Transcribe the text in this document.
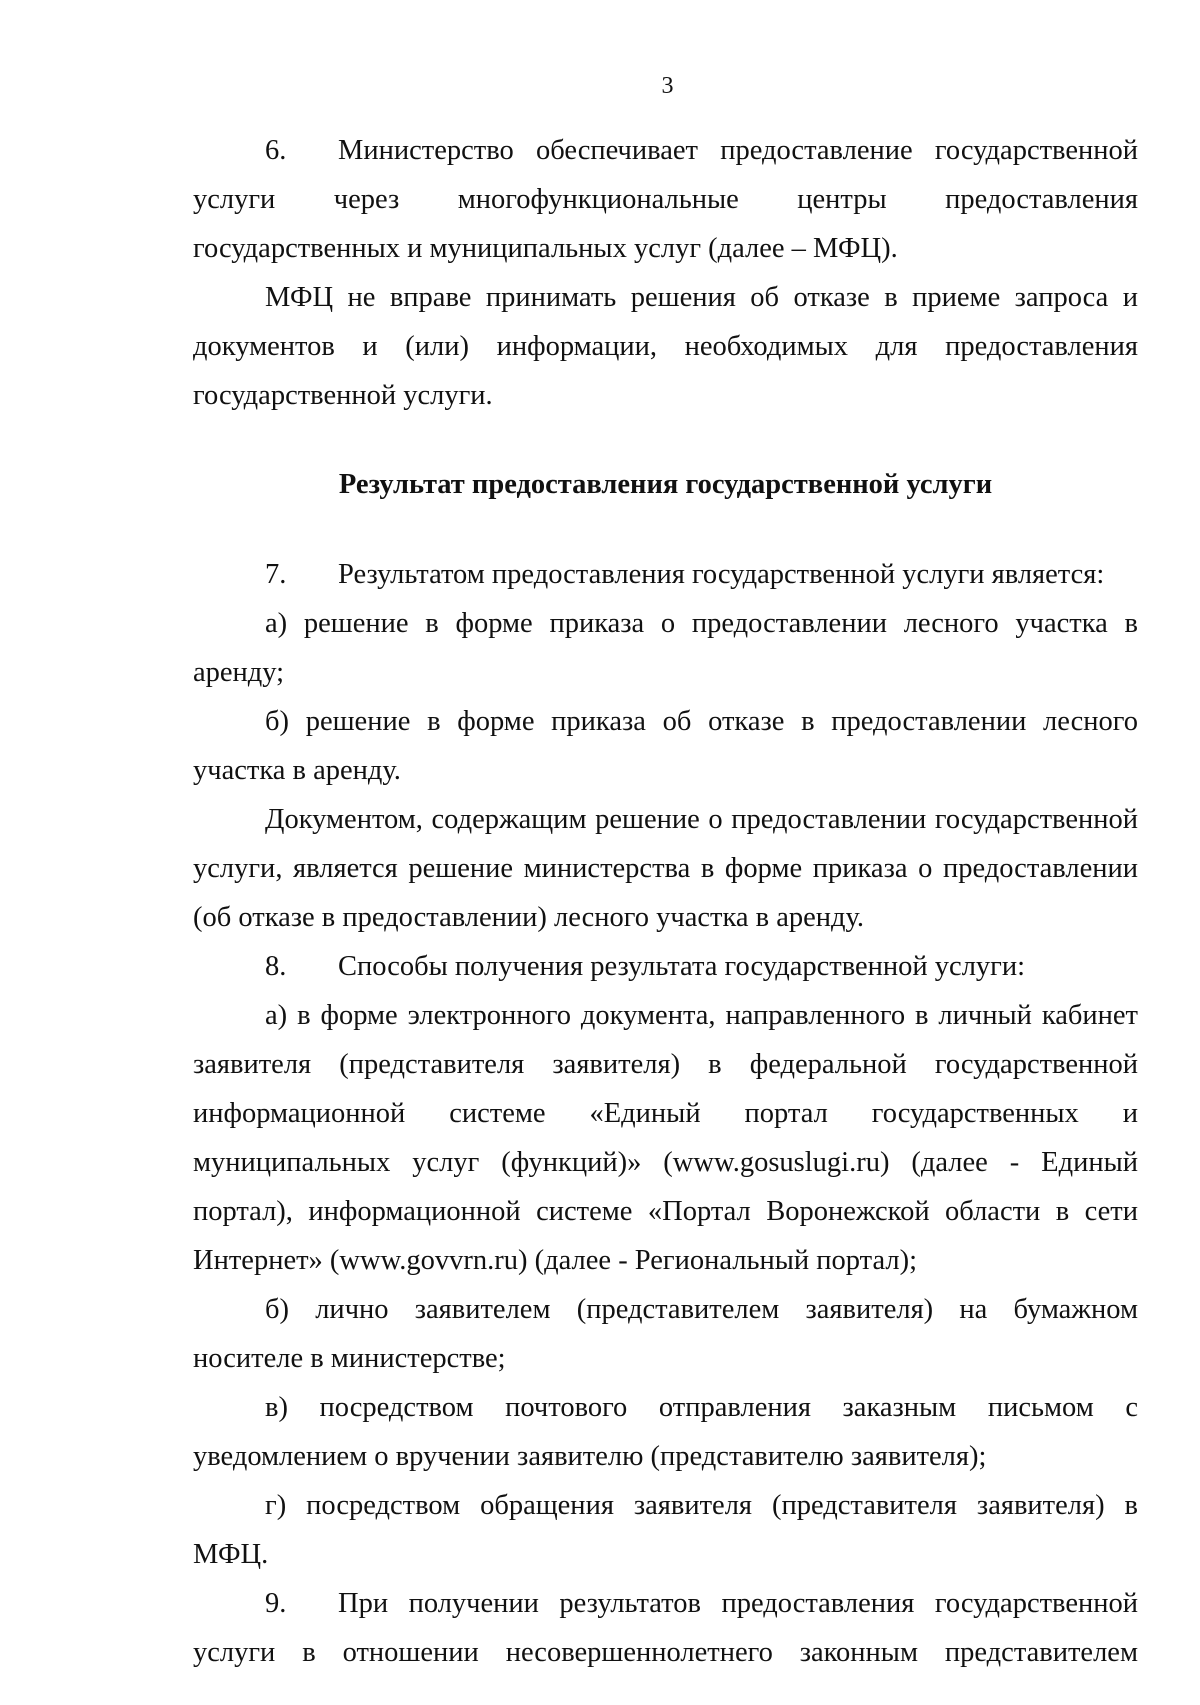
3

6. Министерство обеспечивает предоставление государственной услуги через многофункциональные центры предоставления государственных и муниципальных услуг (далее – МФЦ).

МФЦ не вправе принимать решения об отказе в приеме запроса и документов и (или) информации, необходимых для предоставления государственной услуги.

Результат предоставления государственной услуги

7. Результатом предоставления государственной услуги является:

а) решение в форме приказа о предоставлении лесного участка в аренду;

б) решение в форме приказа об отказе в предоставлении лесного участка в аренду.

Документом, содержащим решение о предоставлении государственной услуги, является решение министерства в форме приказа о предоставлении (об отказе в предоставлении) лесного участка в аренду.

8. Способы получения результата государственной услуги:

а) в форме электронного документа, направленного в личный кабинет заявителя (представителя заявителя) в федеральной государственной информационной системе «Единый портал государственных и муниципальных услуг (функций)» (www.gosuslugi.ru) (далее - Единый портал), информационной системе «Портал Воронежской области в сети Интернет» (www.govvrn.ru) (далее - Региональный портал);

б) лично заявителем (представителем заявителя) на бумажном носителе в министерстве;

в) посредством почтового отправления заказным письмом с уведомлением о вручении заявителю (представителю заявителя);

г) посредством обращения заявителя (представителя заявителя) в МФЦ.

9. При получении результатов предоставления государственной услуги в отношении несовершеннолетнего законным представителем
